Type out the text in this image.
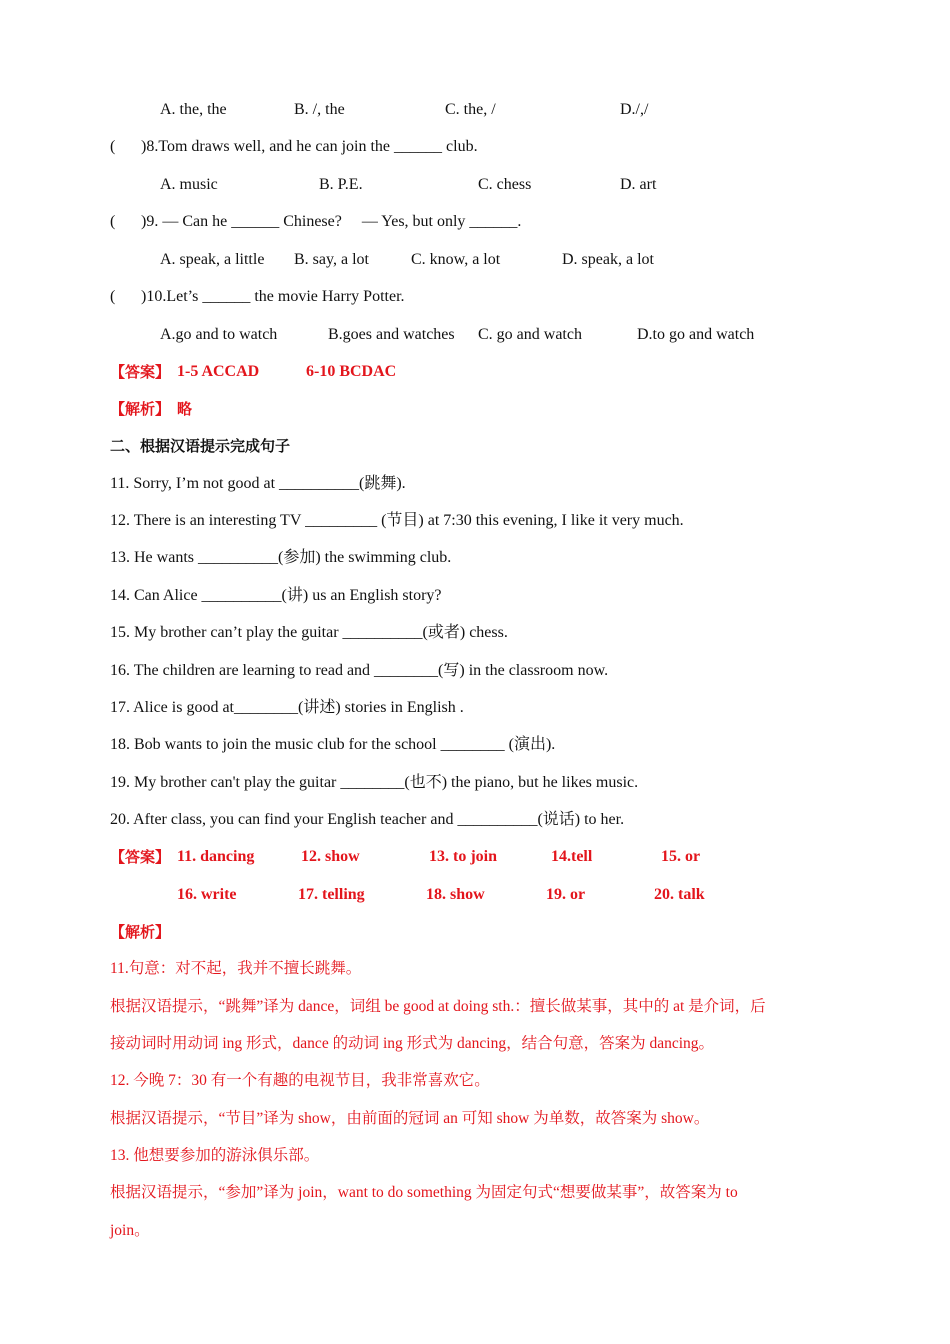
A. the, the	B. /, the	C. the, /	D./,/
( )8.Tom draws well, and he can join the ______ club.
A. music	B. P.E.	C. chess	D. art
( )9. — Can he ______ Chinese?     — Yes, but only ______.
A. speak, a little B. say, a lot	C. know, a lot	D. speak, a lot
( )10.Let’s ______ the movie Harry Potter.
A.go and to watch	B.goes and watches C. go and watch	D.to go and watch
【答案】 1-5 ACCAD	6-10 BCDAC
【解析】 略
二、根据汉语提示完成句子
11. Sorry, I’m not good at __________(跳舞).
12. There is an interesting TV _________ (节目) at 7:30 this evening, I like it very much.
13. He wants __________(参加) the swimming club.
14. Can Alice __________(讲) us an English story?
15. My brother can’t play the guitar __________(或者) chess.
16. The children are learning to read and ________(写) in the classroom now.
17. Alice is good at________(讲述) stories in English .
18. Bob wants to join the music club for the school ________ (演出).
19. My brother can't play the guitar ________(也不) the piano, but he likes music.
20. After class, you can find your English teacher and __________(说话) to her.
【答案】 11. dancing	12. show	13. to join	14.tell	15. or
16. write	17. telling	18. show	19. or	20. talk
【解析】
11.句意：对不起，我并不擅长跳舞。
根据汉语提示，“跳舞”译为 dance，词组 be good at doing sth.：擅长做某事，其中的 at 是介词，后
接动词时用动词 ing 形式，dance 的动词 ing 形式为 dancing，结合句意，答案为 dancing。
12. 今晚 7：30 有一个有趣的电视节目，我非常喜欢它。
根据汉语提示，“节目”译为 show，由前面的冠词 an 可知 show 为单数，故答案为 show。
13. 他想要参加的游泳俱乐部。
根据汉语提示，“参加”译为 join，want to do something 为固定句式“想要做某事”，故答案为 to
join。
